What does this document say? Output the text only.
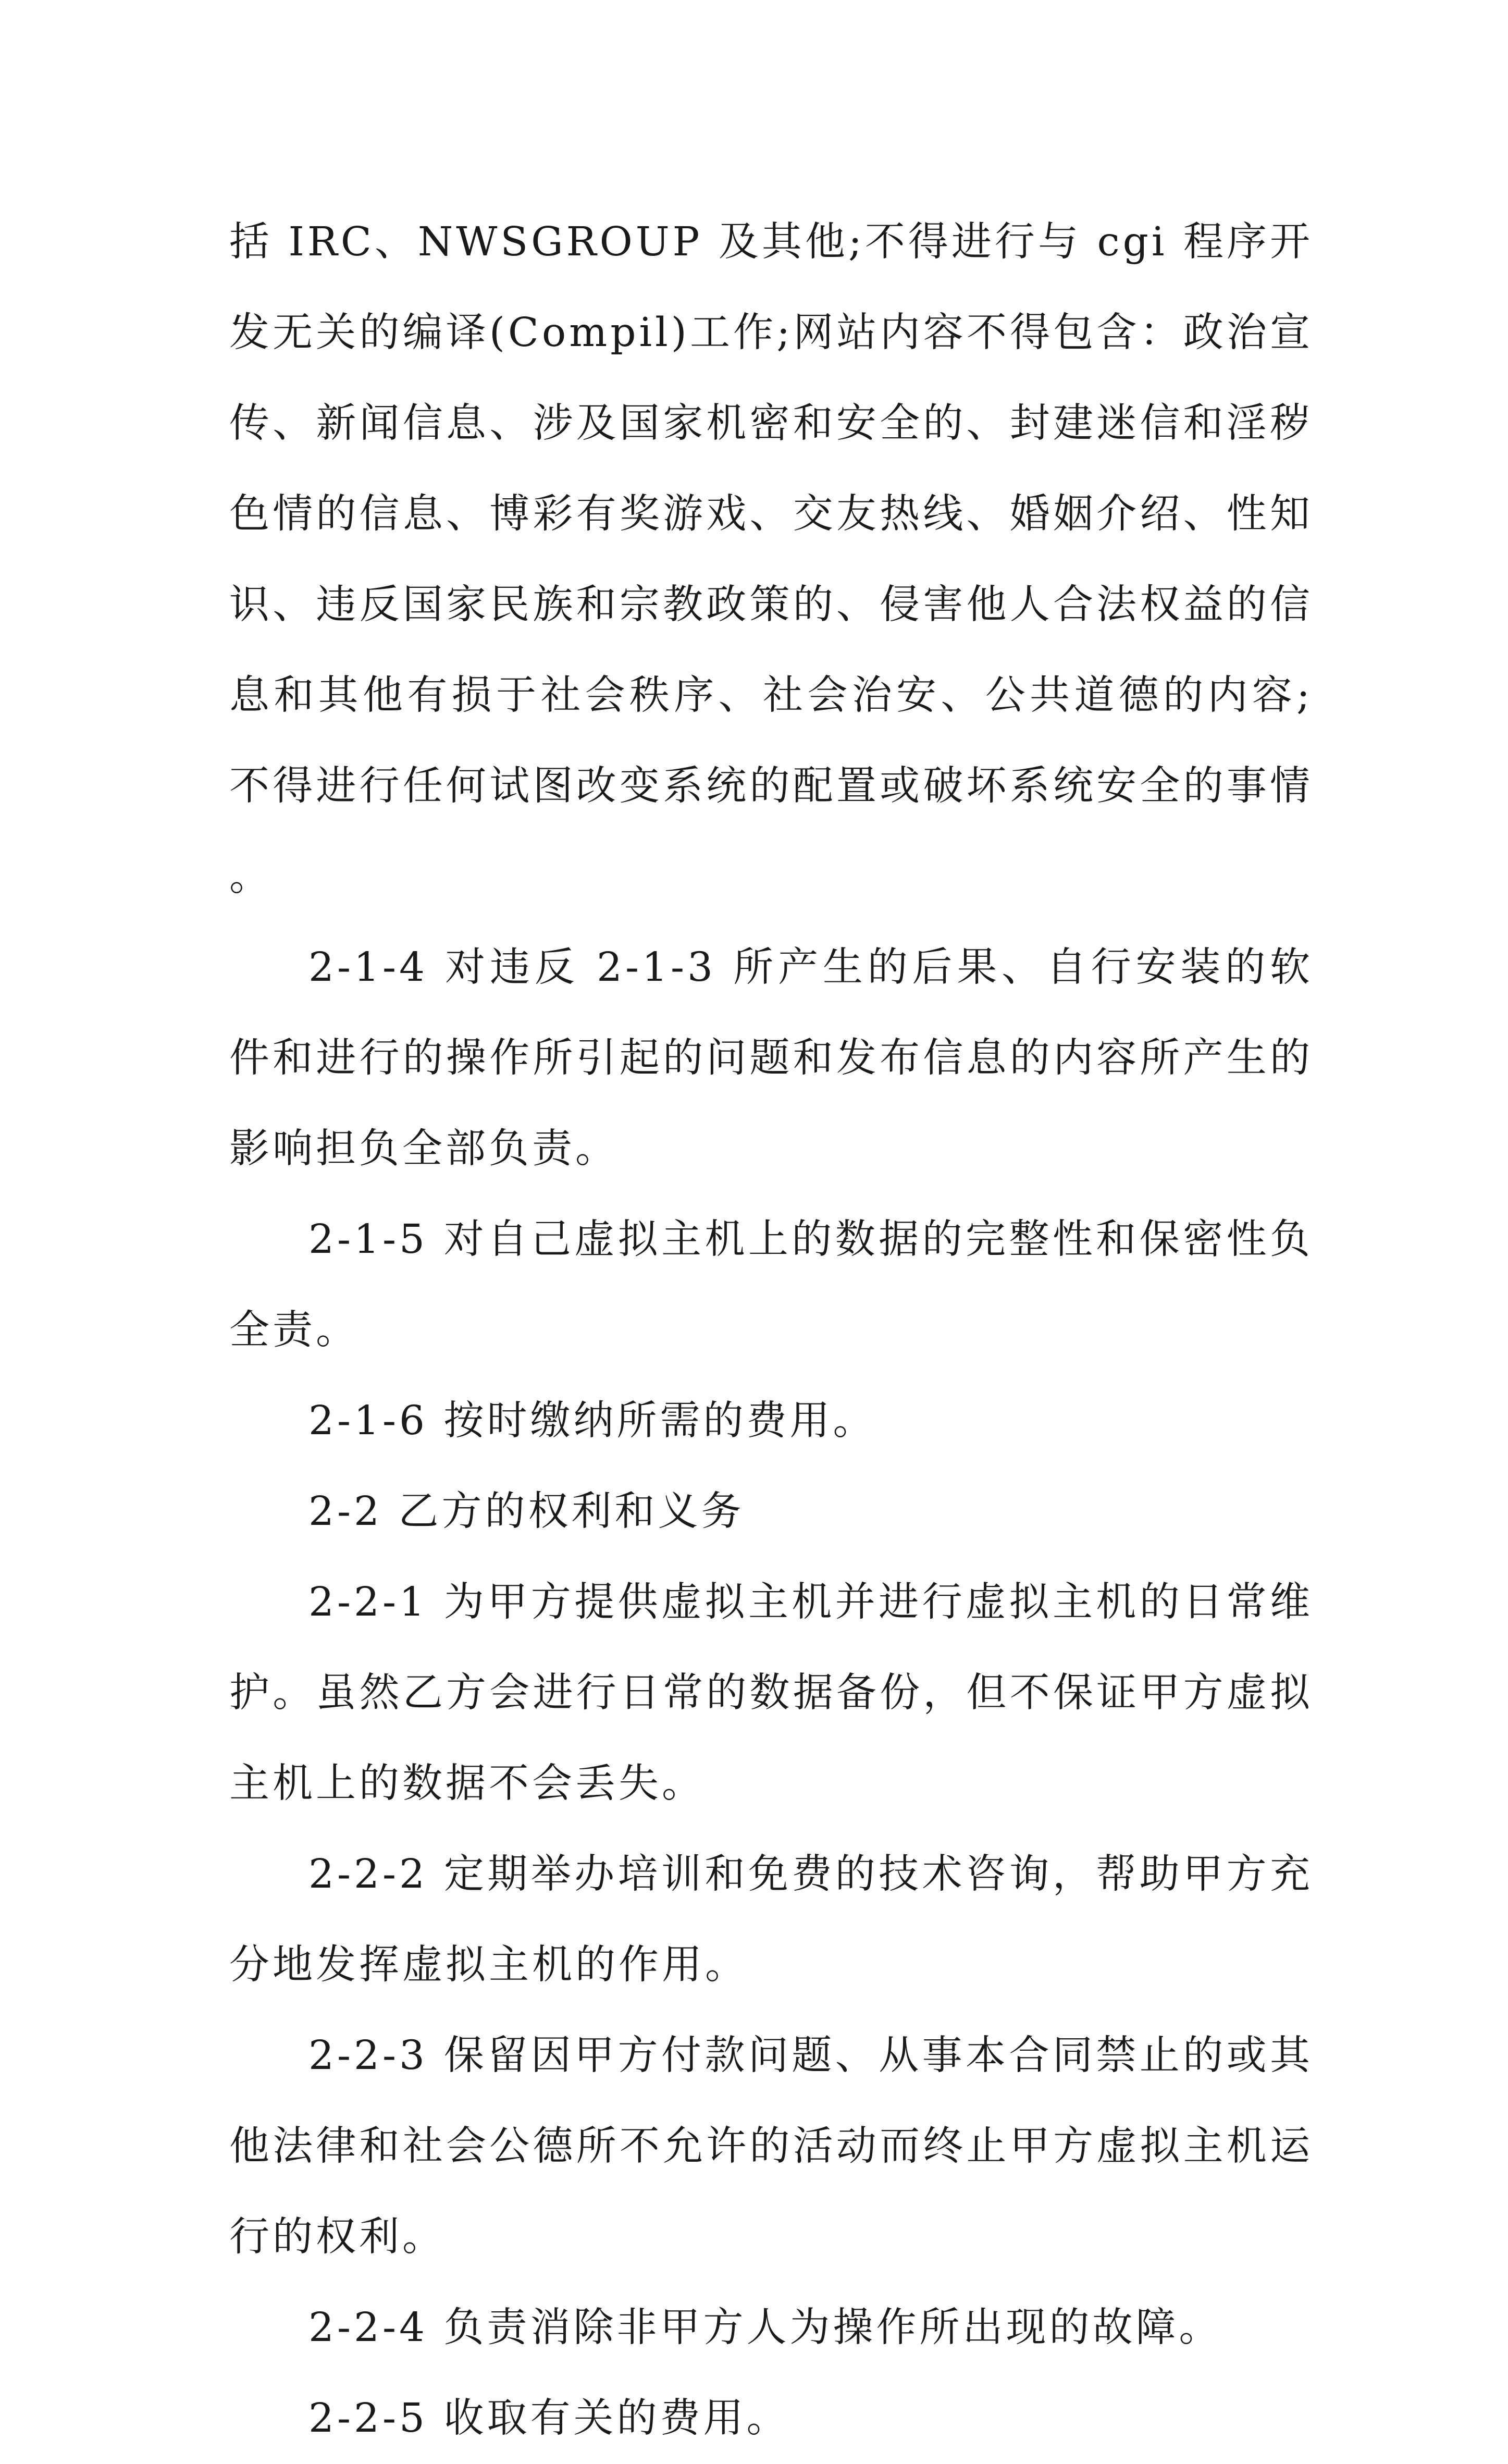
括 IRC、NWSGROUP 及其他;不得进行与 cgi 程序开发无关的编译(Compil)工作;网站内容不得包含：政治宣传、新闻信息、涉及国家机密和安全的、封建迷信和淫秽色情的信息、博彩有奖游戏、交友热线、婚姻介绍、性知识、违反国家民族和宗教政策的、侵害他人合法权益的信息和其他有损于社会秩序、社会治安、公共道德的内容;不得进行任何试图改变系统的配置或破坏系统安全的事情。

2-1-4 对违反 2-1-3 所产生的后果、自行安装的软件和进行的操作所引起的问题和发布信息的内容所产生的影响担负全部负责。

2-1-5 对自己虚拟主机上的数据的完整性和保密性负全责。

2-1-6 按时缴纳所需的费用。

2-2 乙方的权利和义务

2-2-1 为甲方提供虚拟主机并进行虚拟主机的日常维护。虽然乙方会进行日常的数据备份，但不保证甲方虚拟主机上的数据不会丢失。

2-2-2 定期举办培训和免费的技术咨询，帮助甲方充分地发挥虚拟主机的作用。

2-2-3 保留因甲方付款问题、从事本合同禁止的或其他法律和社会公德所不允许的活动而终止甲方虚拟主机运行的权利。

2-2-4 负责消除非甲方人为操作所出现的故障。

2-2-5 收取有关的费用。
